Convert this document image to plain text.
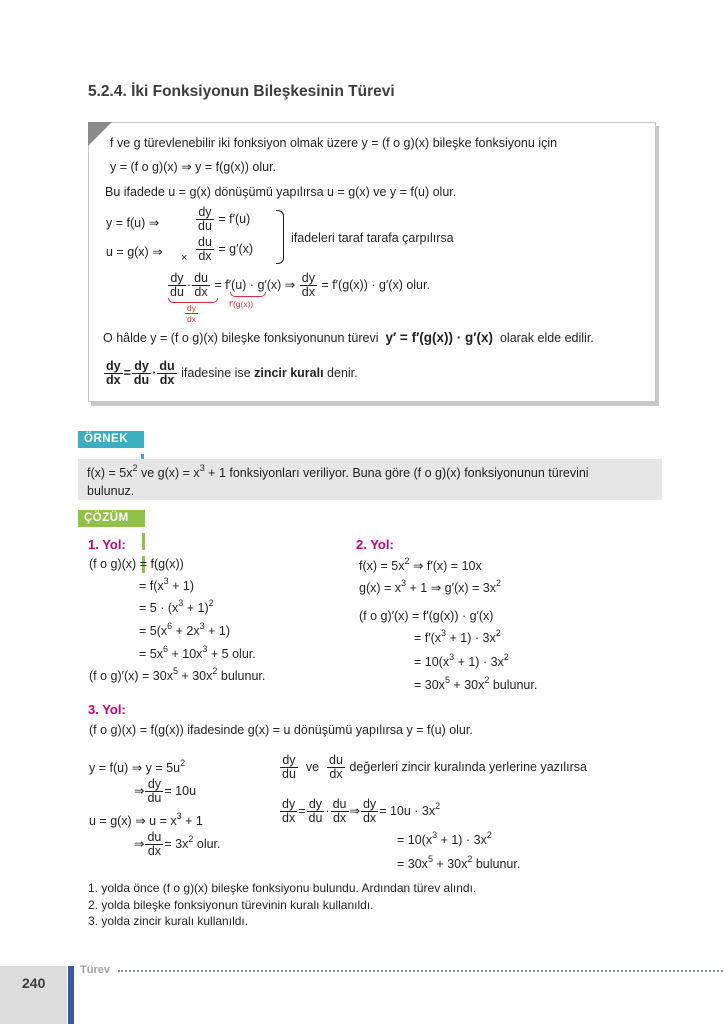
5.2.4. İki Fonksiyonun Bileşkesinin Türevi
f ve g türevlenebilir iki fonksiyon olmak üzere y = (f o g)(x) bileşke fonksiyonu için
y = (f o g)(x) ⇒ y = f(g(x)) olur.
Bu ifadede u = g(x) dönüşümü yapılırsa u = g(x) ve y = f(u) olur.
y = f(u) ⇒	$\frac{dy}{du} = f'(u)$
u = g(x) ⇒ × $\frac{du}{dx} = g'(x)$
ifadeleri taraf tarafa çarpılırsa
$\frac{dy}{du} \cdot \frac{du}{dx} = f'(u) \cdot g'(x)$ ⇒ $\frac{dy}{dx} = f'(g(x)) \cdot g'(x)$ olur.
$\frac{dy}{dx}$	f′(g(x))
O hâlde y = (f o g)(x) bileşke fonksiyonunun türevi y′ = f′(g(x)) · g′(x) olarak elde edilir.
$\frac{dy}{dx} = \frac{dy}{du} \cdot \frac{du}{dx}$ ifadesine ise zincir kuralı denir.
ÖRNEK
$f(x) = 5x^2$ ve $g(x) = x^3 + 1$ fonksiyonları veriliyor. Buna göre (f o g)(x) fonksiyonunun türevini
bulunuz.
ÇÖZÜM
1. Yol:
(f o g)(x) = f(g(x))
= $f(x^3 + 1)$
= $5 \cdot (x^3 + 1)^2$
= $5(x^6 + 2x^3 + 1)$
= $5x^6 + 10x^3 + 5$ olur.
(f o $g)'(x) = 30x^5 + 30x^2$ bulunur.
2. Yol:
$f(x) = 5x^2$ ⇒ f′(x) = 10x
$g(x) = x^3 + 1$ ⇒ $g'(x) = 3x^2$
(f o g)′(x) = f′(g(x)) · g′(x)
= $f'(x^3 + 1) \cdot 3x^2$
= $10(x^3 + 1) \cdot 3x^2$
= $30x^5 + 30x^2$ bulunur.
3. Yol:
(f o g)(x) = f(g(x)) ifadesinde g(x) = u dönüşümü yapılırsa y = f(u) olur.
y = f(u) ⇒ $y = 5u^2$
⇒ $\frac{dy}{du} = 10u$
u = g(x) ⇒ $u = x^3 + 1$
⇒ $\frac{du}{dx} = 3x^2$ olur.
$\frac{dy}{du}$ ve $\frac{du}{dx}$ değerleri zincir kuralında yerlerine yazılırsa
$\frac{dy}{dx} = \frac{dy}{du} \cdot \frac{du}{dx}$ ⇒ $\frac{dy}{dx} = 10u \cdot 3x^2$
= $10(x^3 + 1) \cdot 3x^2$
= $30x^5 + 30x^2$ bulunur.
1. yolda önce (f o g)(x) bileşke fonksiyonu bulundu. Ardından türev alındı.
2. yolda bileşke fonksiyonun türevinin kuralı kullanıldı.
3. yolda zincir kuralı kullanıldı.
240
Türev
